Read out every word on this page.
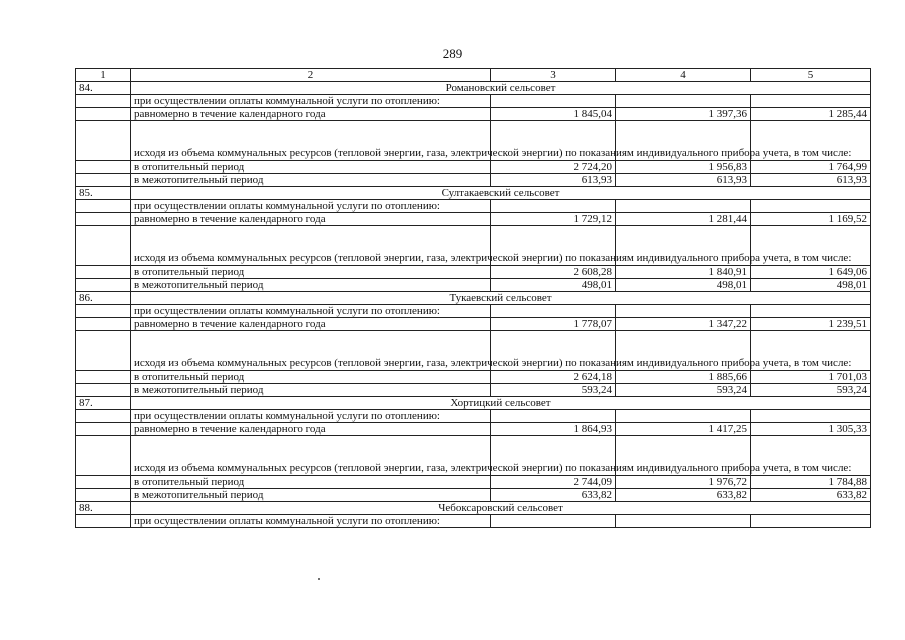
289
1	2	3	4	5
84.	Романовский сельсовет			
	при осуществлении оплаты коммунальной услуги по отоплению:			
	равномерно в течение календарного года	1 845,04	1 397,36	1 285,44
	исходя из объема коммунальных ресурсов (тепловой энергии, газа, электрической энергии) по показаниям индивидуального прибора учета, в том числе:			
	в отопительный период	2 724,20	1 956,83	1 764,99
	в межотопительный период	613,93	613,93	613,93
85.	Султакаевский сельсовет			
	при осуществлении оплаты коммунальной услуги по отоплению:			
	равномерно в течение календарного года	1 729,12	1 281,44	1 169,52
	исходя из объема коммунальных ресурсов (тепловой энергии, газа, электрической энергии) по показаниям индивидуального прибора учета, в том числе:			
	в отопительный период	2 608,28	1 840,91	1 649,06
	в межотопительный период	498,01	498,01	498,01
86.	Тукаевский сельсовет			
	при осуществлении оплаты коммунальной услуги по отоплению:			
	равномерно в течение календарного года	1 778,07	1 347,22	1 239,51
	исходя из объема коммунальных ресурсов (тепловой энергии, газа, электрической энергии) по показаниям индивидуального прибора учета, в том числе:			
	в отопительный период	2 624,18	1 885,66	1 701,03
	в межотопительный период	593,24	593,24	593,24
87.	Хортицкий сельсовет			
	при осуществлении оплаты коммунальной услуги по отоплению:			
	равномерно в течение календарного года	1 864,93	1 417,25	1 305,33
	исходя из объема коммунальных ресурсов (тепловой энергии, газа, электрической энергии) по показаниям индивидуального прибора учета, в том числе:			
	в отопительный период	2 744,09	1 976,72	1 784,88
	в межотопительный период	633,82	633,82	633,82
88.	Чебоксаровский сельсовет			
	при осуществлении оплаты коммунальной услуги по отоплению:			
